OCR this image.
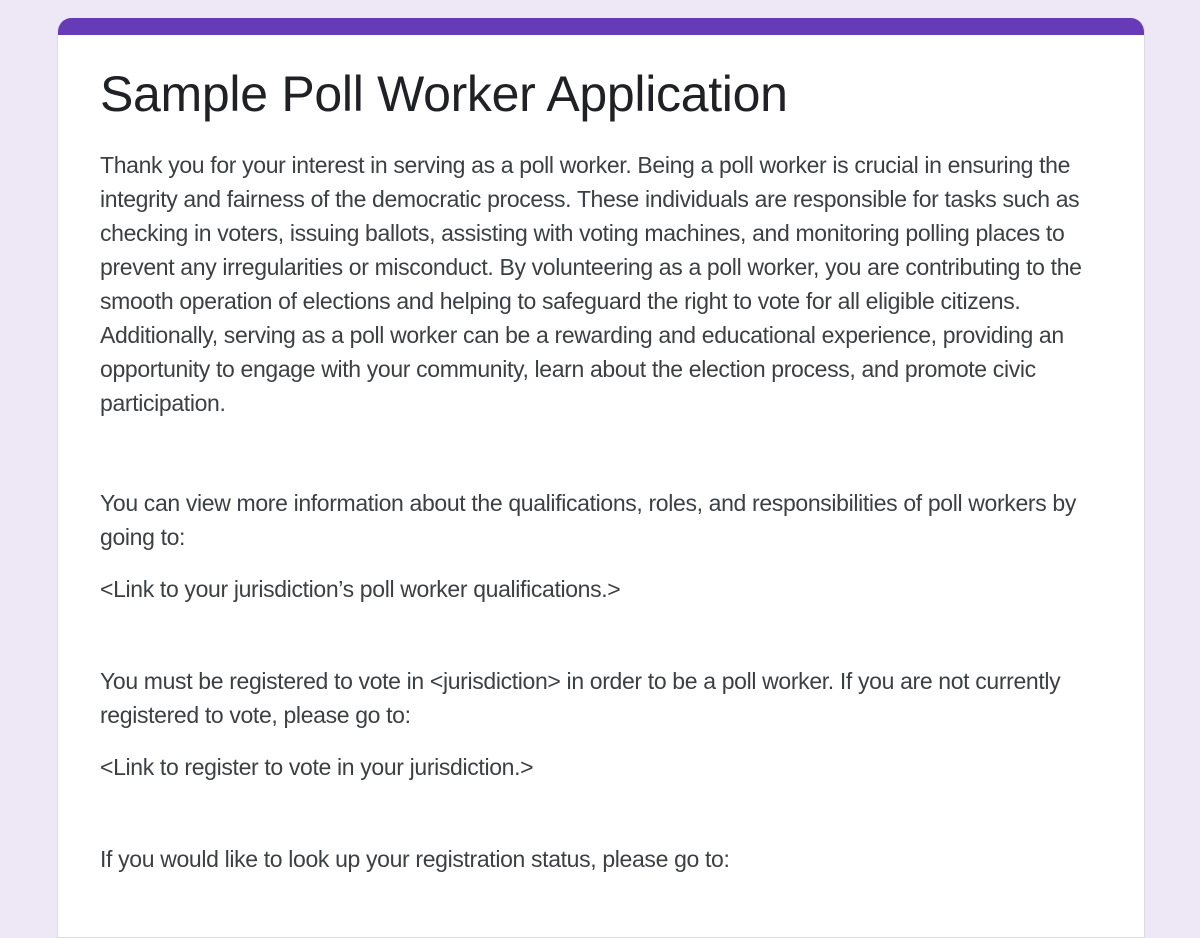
Sample Poll Worker Application

Thank you for your interest in serving as a poll worker. Being a poll worker is crucial in ensuring the integrity and fairness of the democratic process. These individuals are responsible for tasks such as checking in voters, issuing ballots, assisting with voting machines, and monitoring polling places to prevent any irregularities or misconduct. By volunteering as a poll worker, you are contributing to the smooth operation of elections and helping to safeguard the right to vote for all eligible citizens. Additionally, serving as a poll worker can be a rewarding and educational experience, providing an opportunity to engage with your community, learn about the election process, and promote civic participation.

You can view more information about the qualifications, roles, and responsibilities of poll workers by going to:

<Link to your jurisdiction’s poll worker qualifications.>

You must be registered to vote in <jurisdiction> in order to be a poll worker. If you are not currently registered to vote, please go to:

<Link to register to vote in your jurisdiction.>

If you would like to look up your registration status, please go to:
